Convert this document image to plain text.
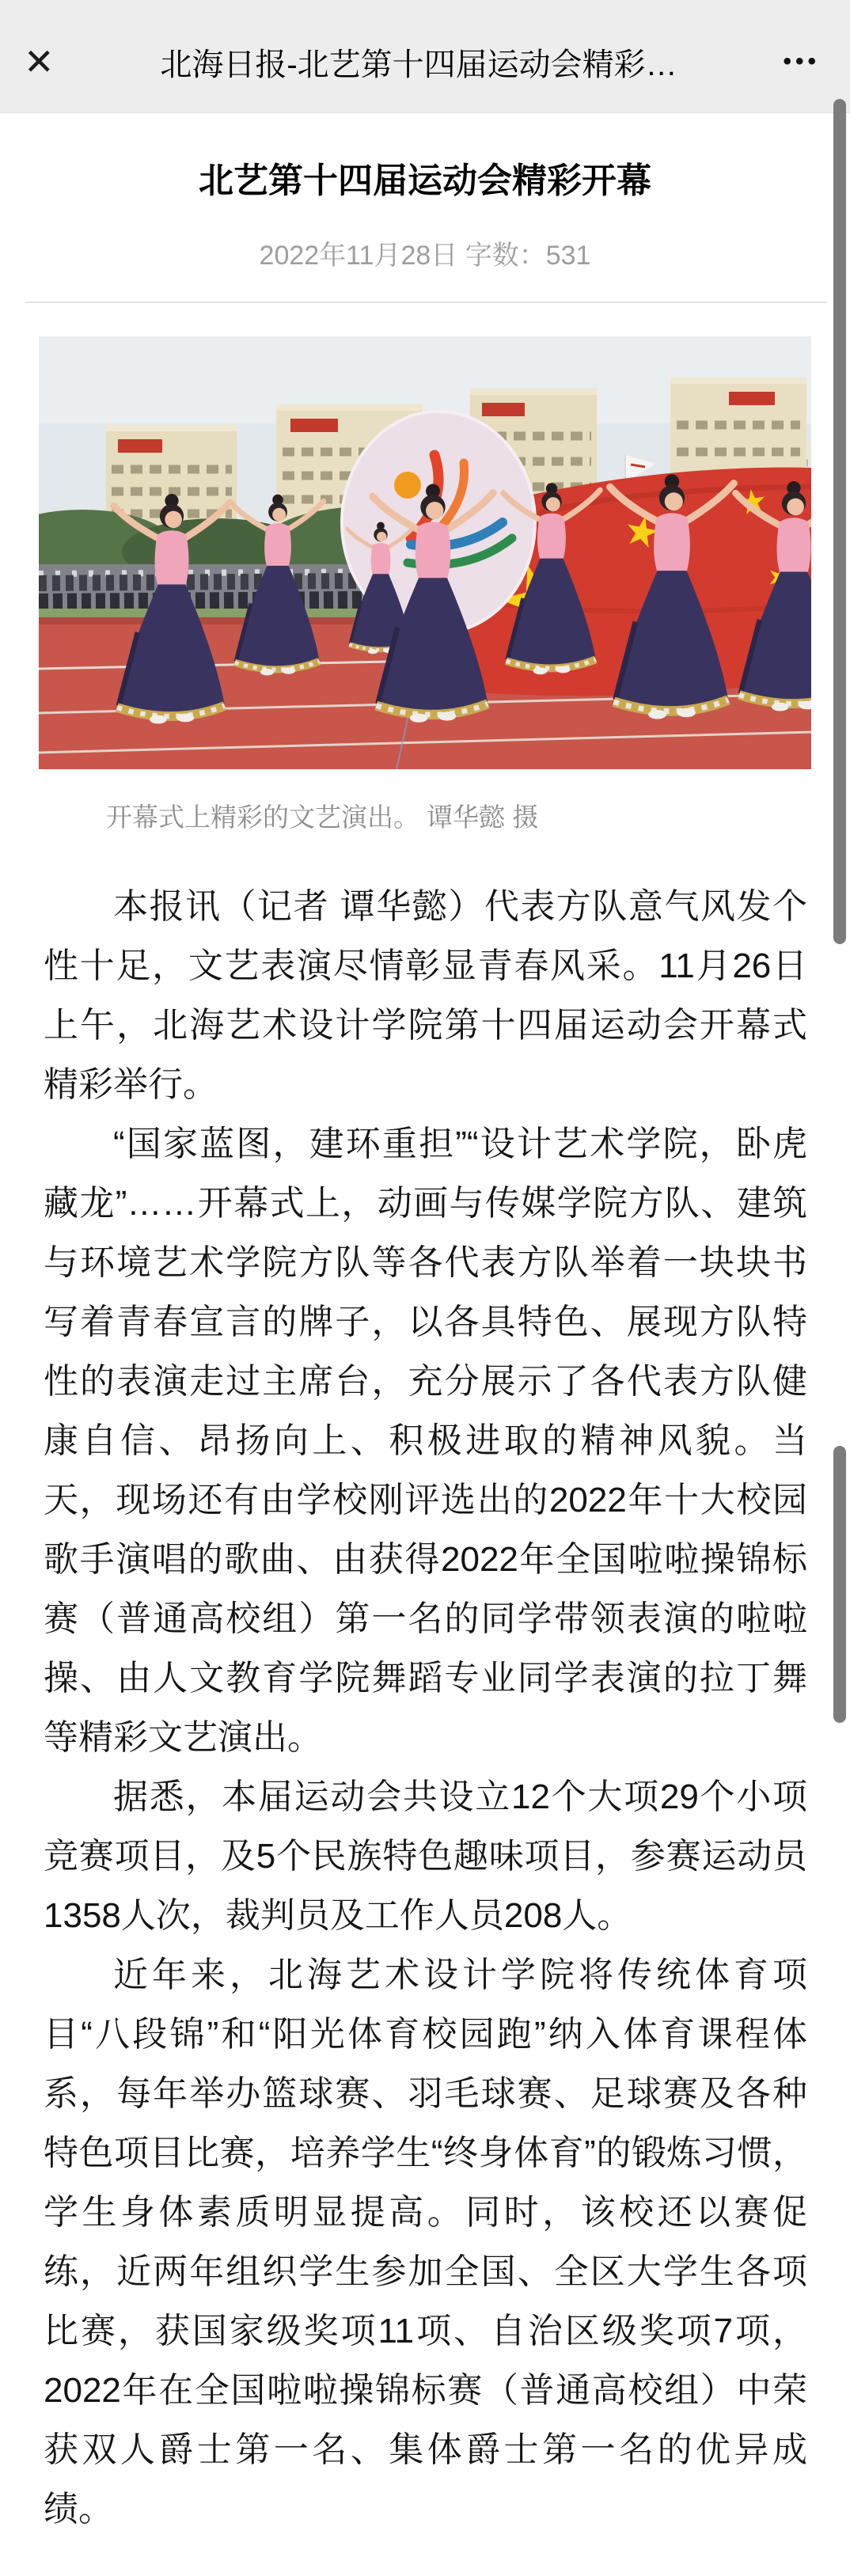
✕	北海日报-北艺第十四届运动会精彩…	•••
北艺第十四届运动会精彩开幕
2022年11月28日 字数：531
开幕式上精彩的文艺演出。 谭华懿 摄

本报讯（记者 谭华懿）代表方队意气风发个性十足，文艺表演尽情彰显青春风采。11月26日上午，北海艺术设计学院第十四届运动会开幕式精彩举行。

“国家蓝图，建环重担”“设计艺术学院，卧虎藏龙”……开幕式上，动画与传媒学院方队、建筑与环境艺术学院方队等各代表方队举着一块块书写着青春宣言的牌子，以各具特色、展现方队特性的表演走过主席台，充分展示了各代表方队健康自信、昂扬向上、积极进取的精神风貌。当天，现场还有由学校刚评选出的2022年十大校园歌手演唱的歌曲、由获得2022年全国啦啦操锦标赛（普通高校组）第一名的同学带领表演的啦啦操、由人文教育学院舞蹈专业同学表演的拉丁舞等精彩文艺演出。

据悉，本届运动会共设立12个大项29个小项竞赛项目，及5个民族特色趣味项目，参赛运动员1358人次，裁判员及工作人员208人。

近年来，北海艺术设计学院将传统体育项目“八段锦”和“阳光体育校园跑”纳入体育课程体系，每年举办篮球赛、羽毛球赛、足球赛及各种特色项目比赛，培养学生“终身体育”的锻炼习惯，学生身体素质明显提高。同时，该校还以赛促练，近两年组织学生参加全国、全区大学生各项比赛，获国家级奖项11项、自治区级奖项7项，2022年在全国啦啦操锦标赛（普通高校组）中荣获双人爵士第一名、集体爵士第一名的优异成绩。
